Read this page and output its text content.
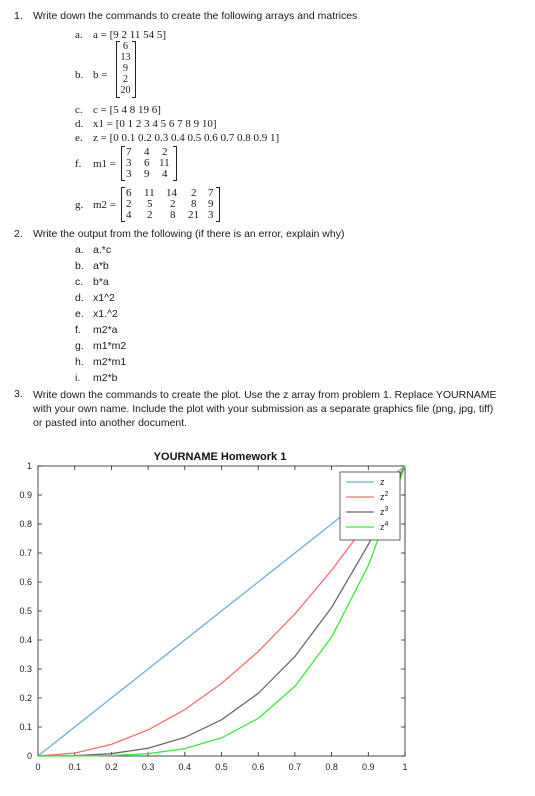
1. Write down the commands to create the following arrays and matrices
a. a = [9 2 11 54 5]
b. b =
6
13
9
2
20
c. c = [5 4 8 19 6]
d. x1 = [0 1 2 3 4 5 6 7 8 9 10]
e. z = [0 0.1 0.2 0.3 0.4 0.5 0.6 0.7 0.8 0.9 1]
f. m1 =
7 4 2
3 6 11
3 9 4
g. m2 =
6 11 14 2 7
2 5 2 8 9
4 2 8 21 3
2. Write the output from the following (if there is an error, explain why)
a. a.*c
b. a*b
c. b*a
d. x1^2
e. x1.^2
f. m2*a
g. m1*m2
h. m2*m1
i. m2*b
3. Write down the commands to create the plot. Use the z array from problem 1. Replace YOURNAME
with your own name. Include the plot with your submission as a separate graphics file (png, jpg, tiff)
or pasted into another document.
0	0.1	0.2	0.3	0.4	0.5	0.6	0.7	0.8	0.9	1
0
0.1
0.2
0.3
0.4
0.5
0.6
0.7
0.8
0.9
1
z
$z^2$
$z^3$
$z^4$
YOURNAME Homework 1
